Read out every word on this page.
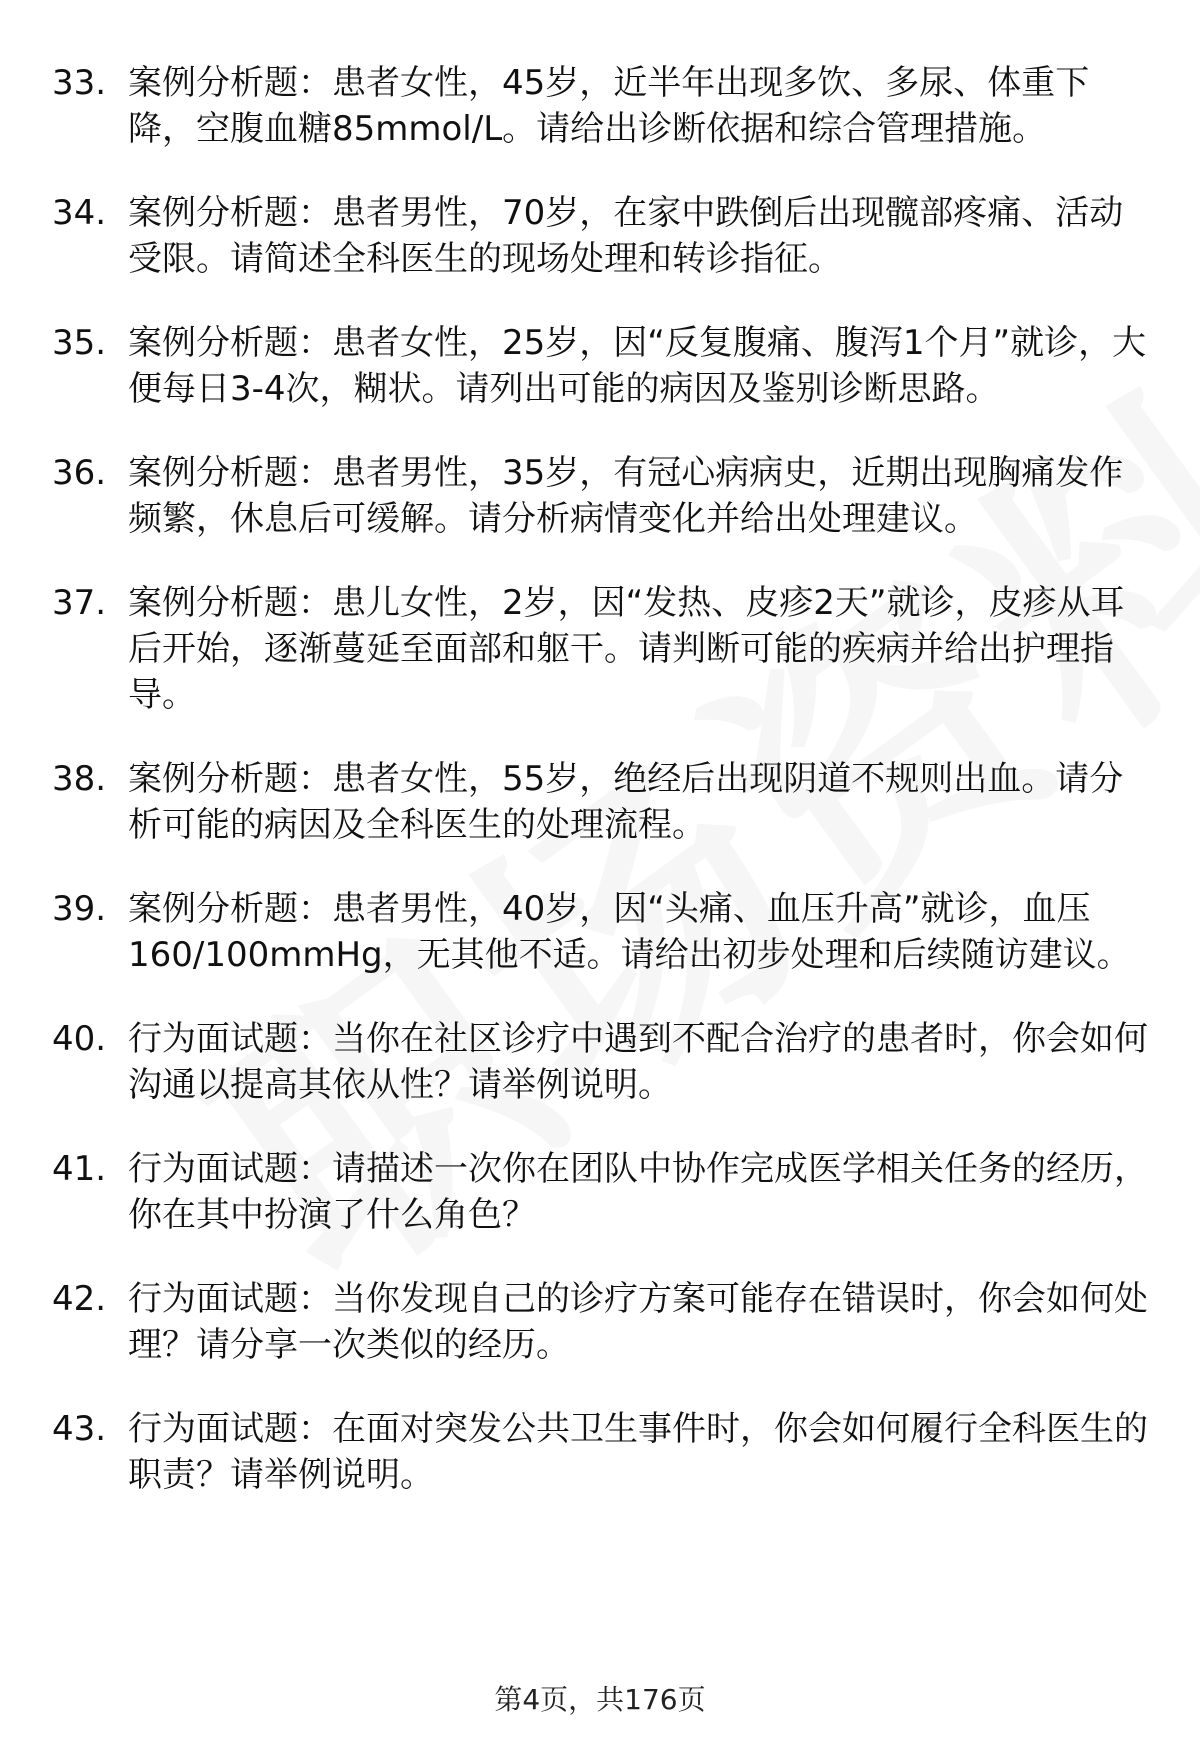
33. 案例分析题：患者女性，45岁，近半年出现多饮、多尿、体重下降，空腹血糖85mmol/L。请给出诊断依据和综合管理措施。
34. 案例分析题：患者男性，70岁，在家中跌倒后出现髋部疼痛、活动受限。请简述全科医生的现场处理和转诊指征。
35. 案例分析题：患者女性，25岁，因“反复腹痛、腹泻1个月”就诊，大便每日3-4次，糊状。请列出可能的病因及鉴别诊断思路。
36. 案例分析题：患者男性，35岁，有冠心病病史，近期出现胸痛发作频繁，休息后可缓解。请分析病情变化并给出处理建议。
37. 案例分析题：患儿女性，2岁，因“发热、皮疹2天”就诊，皮疹从耳后开始，逐渐蔓延至面部和躯干。请判断可能的疾病并给出护理指导。
38. 案例分析题：患者女性，55岁，绝经后出现阴道不规则出血。请分析可能的病因及全科医生的处理流程。
39. 案例分析题：患者男性，40岁，因“头痛、血压升高”就诊，血压160/100mmHg，无其他不适。请给出初步处理和后续随访建议。
40. 行为面试题：当你在社区诊疗中遇到不配合治疗的患者时，你会如何沟通以提高其依从性？请举例说明。
41. 行为面试题：请描述一次你在团队中协作完成医学相关任务的经历，你在其中扮演了什么角色？
42. 行为面试题：当你发现自己的诊疗方案可能存在错误时，你会如何处理？请分享一次类似的经历。
43. 行为面试题：在面对突发公共卫生事件时，你会如何履行全科医生的职责？请举例说明。
第4页，共176页
